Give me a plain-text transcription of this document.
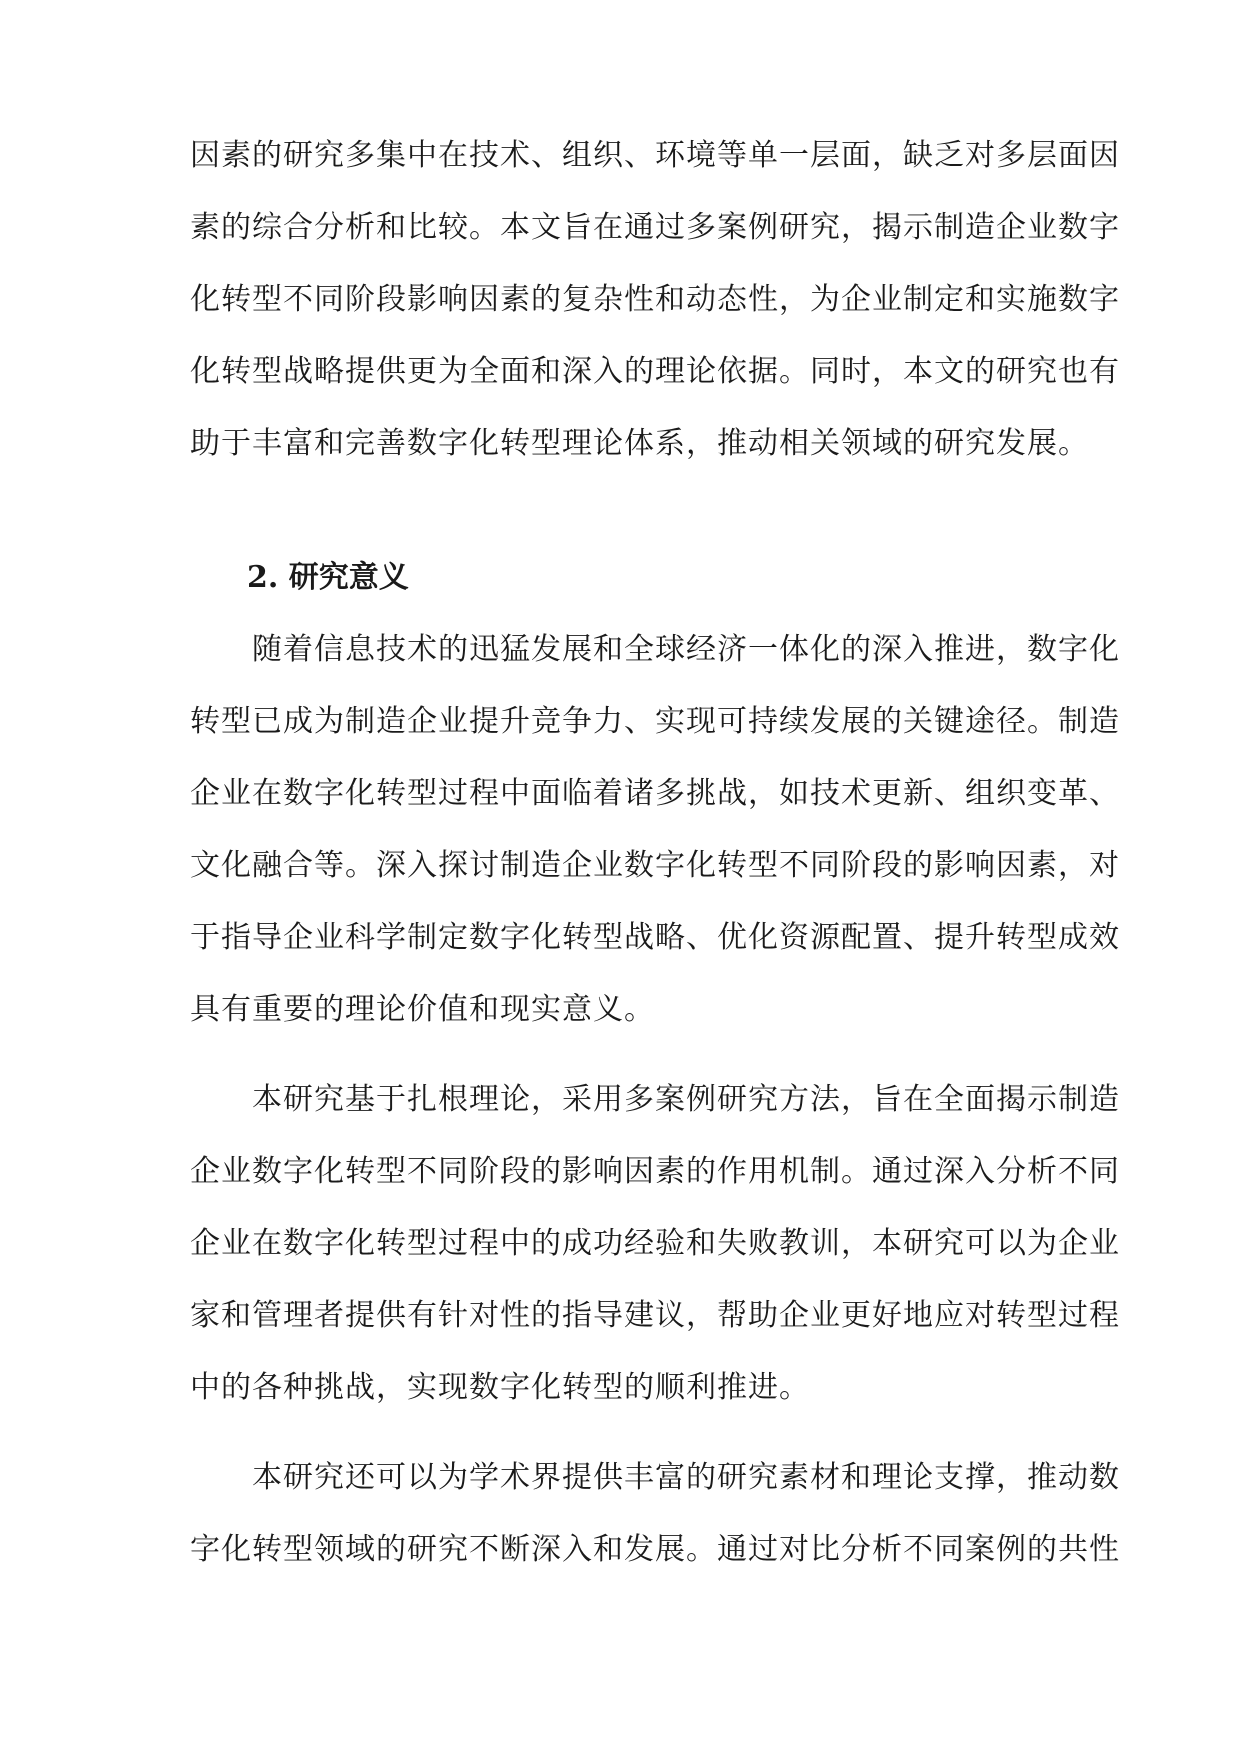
因素的研究多集中在技术、组织、环境等单一层面，缺乏对多层面因
素的综合分析和比较。本文旨在通过多案例研究，揭示制造企业数字
化转型不同阶段影响因素的复杂性和动态性，为企业制定和实施数字
化转型战略提供更为全面和深入的理论依据。同时，本文的研究也有
助于丰富和完善数字化转型理论体系，推动相关领域的研究发展。
2. 研究意义
　　随着信息技术的迅猛发展和全球经济一体化的深入推进，数字化
转型已成为制造企业提升竞争力、实现可持续发展的关键途径。制造
企业在数字化转型过程中面临着诸多挑战，如技术更新、组织变革、
文化融合等。深入探讨制造企业数字化转型不同阶段的影响因素，对
于指导企业科学制定数字化转型战略、优化资源配置、提升转型成效
具有重要的理论价值和现实意义。
　　本研究基于扎根理论，采用多案例研究方法，旨在全面揭示制造
企业数字化转型不同阶段的影响因素的作用机制。通过深入分析不同
企业在数字化转型过程中的成功经验和失败教训，本研究可以为企业
家和管理者提供有针对性的指导建议，帮助企业更好地应对转型过程
中的各种挑战，实现数字化转型的顺利推进。
　　本研究还可以为学术界提供丰富的研究素材和理论支撑，推动数
字化转型领域的研究不断深入和发展。通过对比分析不同案例的共性
